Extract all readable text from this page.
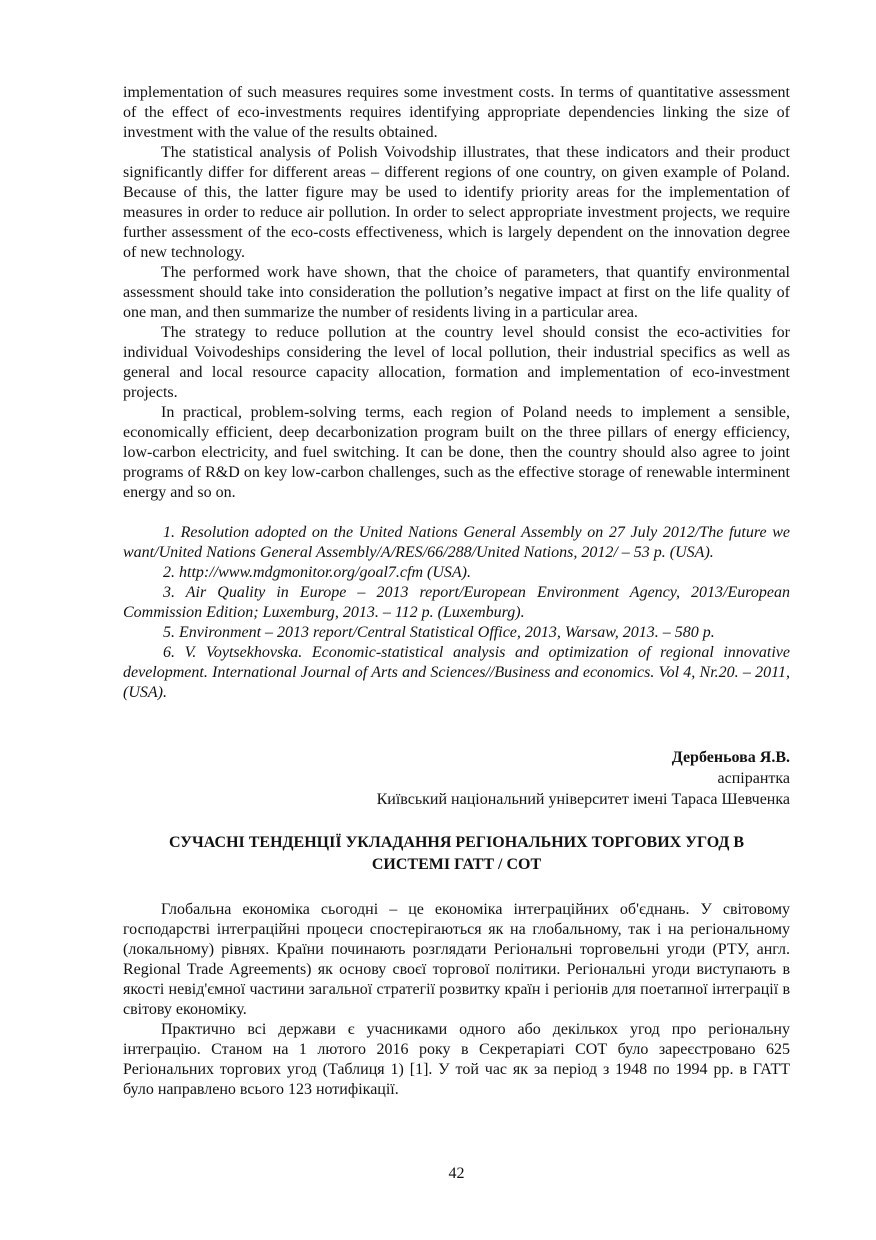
implementation of such measures requires some investment costs. In terms of quantitative assessment of the effect of eco-investments requires identifying appropriate dependencies linking the size of investment with the value of the results obtained.

The statistical analysis of Polish Voivodship illustrates, that these indicators and their product significantly differ for different areas – different regions of one country, on given example of Poland. Because of this, the latter figure may be used to identify priority areas for the implementation of measures in order to reduce air pollution. In order to select appropriate investment projects, we require further assessment of the eco-costs effectiveness, which is largely dependent on the innovation degree of new technology.

The performed work have shown, that the choice of parameters, that quantify environmental assessment should take into consideration the pollution’s negative impact at first on the life quality of one man, and then summarize the number of residents living in a particular area.

The strategy to reduce pollution at the country level should consist the eco-activities for individual Voivodeships considering the level of local pollution, their industrial specifics as well as general and local resource capacity allocation, formation and implementation of eco-investment projects.

In practical, problem-solving terms, each region of Poland needs to implement a sensible, economically efficient, deep decarbonization program built on the three pillars of energy efficiency, low-carbon electricity, and fuel switching. It can be done, then the country should also agree to joint programs of R&D on key low-carbon challenges, such as the effective storage of renewable interminent energy and so on.

1. Resolution adopted on the United Nations General Assembly on 27 July 2012/The future we want/United Nations General Assembly/A/RES/66/288/United Nations, 2012/ – 53 p. (USA).

2. http://www.mdgmonitor.org/goal7.cfm (USA).

3. Air Quality in Europe – 2013 report/European Environment Agency, 2013/European Commission Edition; Luxemburg, 2013. – 112 p. (Luxemburg).

5. Environment – 2013 report/Central Statistical Office, 2013, Warsaw, 2013. – 580 p.

6. V. Voytsekhovska. Economic-statistical analysis and optimization of regional innovative development. International Journal of Arts and Sciences//Business and economics. Vol 4, Nr.20. – 2011, (USA).

Дербеньова Я.В.
аспірантка
Київський національний університет імені Тараса Шевченка
СУЧАСНІ ТЕНДЕНЦІЇ УКЛАДАННЯ РЕГІОНАЛЬНИХ ТОРГОВИХ УГОД В
СИСТЕМІ ГАТТ / СОТ

Глобальна економіка сьогодні – це економіка інтеграційних об'єднань. У світовому господарстві інтеграційні процеси спостерігаються як на глобальному, так і на регіональному (локальному) рівнях. Країни починають розглядати Регіональні торговельні угоди (РТУ, англ. Regional Trade Agreements) як основу своєї торгової політики. Регіональні угоди виступають в якості невід'ємної частини загальної стратегії розвитку країн і регіонів для поетапної інтеграції в світову економіку.

Практично всі держави є учасниками одного або декількох угод про регіональну інтеграцію. Станом на 1 лютого 2016 року в Секретаріаті СОТ було зареєстровано 625 Регіональних торгових угод (Таблиця 1) [1]. У той час як за період з 1948 по 1994 рр. в ГАТТ було направлено всього 123 нотифікації.

42
